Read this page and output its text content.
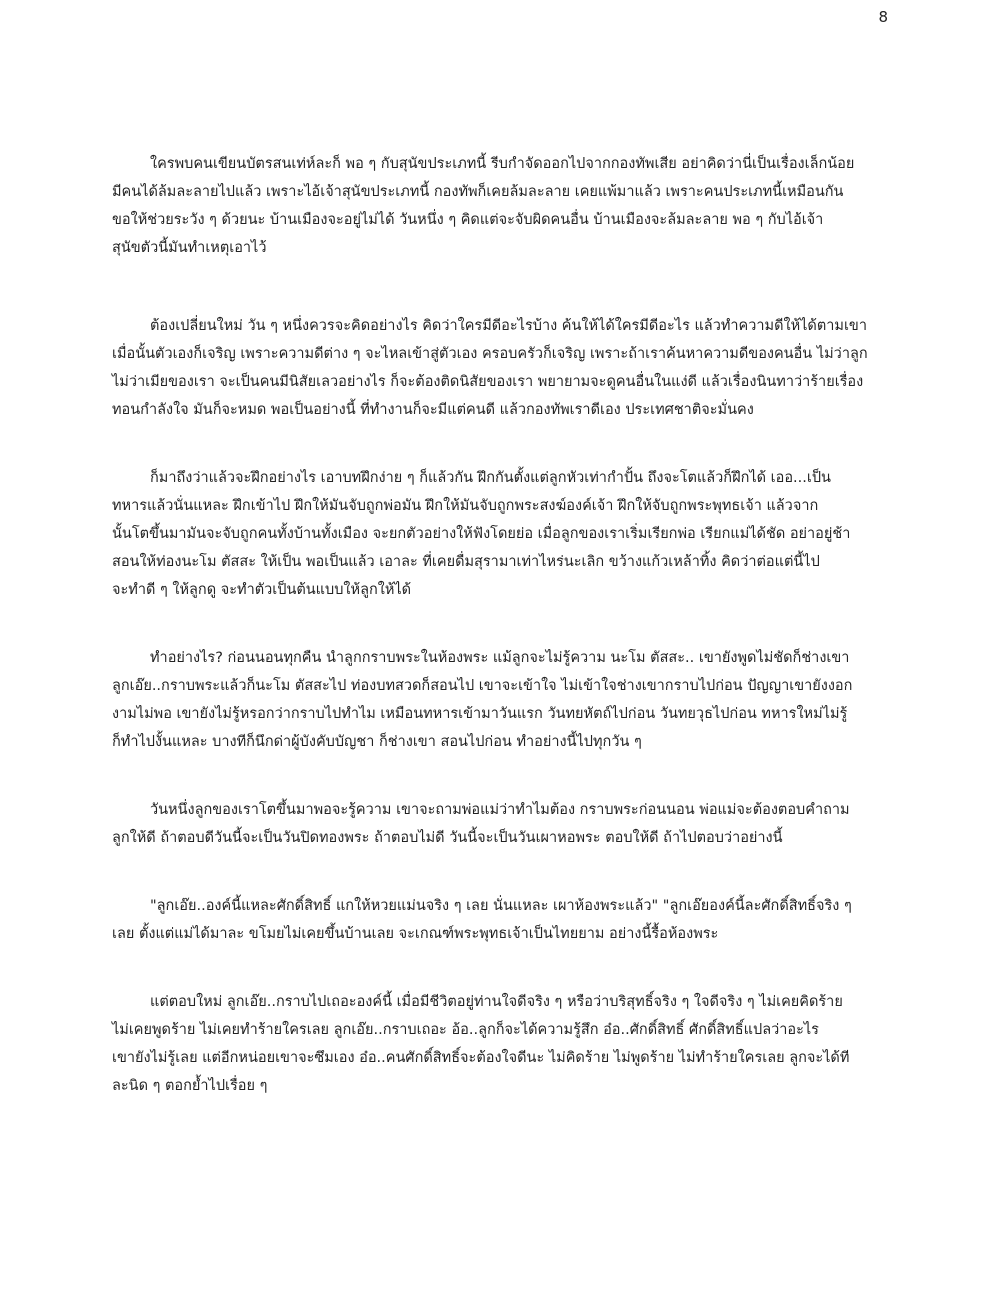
8
ใครพบคนเขียนบัตรสนเท่ห์ละก็ พอ ๆ กับสุนัขประเภทนี้ รีบกำจัดออกไปจากกองทัพเสีย อย่าคิดว่านี่เป็นเรื่องเล็กน้อย
มีคนได้ล้มละลายไปแล้ว เพราะไอ้เจ้าสุนัขประเภทนี้ กองทัพก็เคยล้มละลาย เคยแพ้มาแล้ว เพราะคนประเภทนี้เหมือนกัน
ขอให้ช่วยระวัง ๆ ด้วยนะ บ้านเมืองจะอยู่ไม่ได้ วันหนึ่ง ๆ คิดแต่จะจับผิดคนอื่น บ้านเมืองจะล้มละลาย พอ ๆ กับไอ้เจ้า
สุนัขตัวนี้มันทำเหตุเอาไว้
ต้องเปลี่ยนใหม่ วัน ๆ หนึ่งควรจะคิดอย่างไร คิดว่าใครมีดีอะไรบ้าง ค้นให้ได้ใครมีดีอะไร แล้วทำความดีให้ได้ตามเขา
เมื่อนั้นตัวเองก็เจริญ เพราะความดีต่าง ๆ จะไหลเข้าสู่ตัวเอง ครอบครัวก็เจริญ เพราะถ้าเราค้นหาความดีของคนอื่น ไม่ว่าลูก
ไม่ว่าเมียของเรา จะเป็นคนมีนิสัยเลวอย่างไร ก็จะต้องติดนิสัยของเรา พยายามจะดูคนอื่นในแง่ดี แล้วเรื่องนินทาว่าร้ายเรื่อง
ทอนกำลังใจ มันก็จะหมด พอเป็นอย่างนี้ ที่ทำงานก็จะมีแต่คนดี แล้วกองทัพเราดีเอง ประเทศชาติจะมั่นคง
ก็มาถึงว่าแล้วจะฝึกอย่างไร เอาบทฝึกง่าย ๆ ก็แล้วกัน ฝึกกันตั้งแต่ลูกหัวเท่ากำปั้น ถึงจะโตแล้วก็ฝึกได้ เออ...เป็น
ทหารแล้วนั่นแหละ ฝึกเข้าไป ฝึกให้มันจับถูกพ่อมัน ฝึกให้มันจับถูกพระสงฆ์องค์เจ้า ฝึกให้จับถูกพระพุทธเจ้า แล้วจาก
นั้นโตขึ้นมามันจะจับถูกคนทั้งบ้านทั้งเมือง จะยกตัวอย่างให้ฟังโดยย่อ เมื่อลูกของเราเริ่มเรียกพ่อ เรียกแม่ได้ชัด อย่าอยู่ช้า
สอนให้ท่องนะโม ตัสสะ ให้เป็น พอเป็นแล้ว เอาละ ที่เคยดื่มสุรามาเท่าไหร่นะเลิก ขว้างแก้วเหล้าทิ้ง คิดว่าต่อแต่นี้ไป
จะทำดี ๆ ให้ลูกดู จะทำตัวเป็นต้นแบบให้ลูกให้ได้
ทำอย่างไร? ก่อนนอนทุกคืน นำลูกกราบพระในห้องพระ แม้ลูกจะไม่รู้ความ นะโม ตัสสะ.. เขายังพูดไม่ชัดก็ช่างเขา
ลูกเอ๊ย..กราบพระแล้วก็นะโม ตัสสะไป ท่องบทสวดก็สอนไป เขาจะเข้าใจ ไม่เข้าใจช่างเขากราบไปก่อน ปัญญาเขายังงอก
งามไม่พอ เขายังไม่รู้หรอกว่ากราบไปทำไม เหมือนทหารเข้ามาวันแรก วันทยหัตถ์ไปก่อน วันทยวุธไปก่อน ทหารใหม่ไม่รู้
ก็ทำไปงั้นแหละ บางทีก็นึกด่าผู้บังคับบัญชา ก็ช่างเขา สอนไปก่อน ทำอย่างนี้ไปทุกวัน ๆ
วันหนึ่งลูกของเราโตขึ้นมาพอจะรู้ความ เขาจะถามพ่อแม่ว่าทำไมต้อง กราบพระก่อนนอน พ่อแม่จะต้องตอบคำถาม
ลูกให้ดี ถ้าตอบดีวันนี้จะเป็นวันปิดทองพระ ถ้าตอบไม่ดี วันนี้จะเป็นวันเผาหอพระ ตอบให้ดี ถ้าไปตอบว่าอย่างนี้
"ลูกเอ๊ย..องค์นี้แหละศักดิ์สิทธิ์ แกให้หวยแม่นจริง ๆ เลย นั่นแหละ เผาห้องพระแล้ว" "ลูกเอ๊ยองค์นี้ละศักดิ์สิทธิ์จริง ๆ
เลย ตั้งแต่แม่ได้มาละ ขโมยไม่เคยขึ้นบ้านเลย จะเกณฑ์พระพุทธเจ้าเป็นไทยยาม อย่างนี้รื้อห้องพระ
แต่ตอบใหม่ ลูกเอ๊ย..กราบไปเถอะองค์นี้ เมื่อมีชีวิตอยู่ท่านใจดีจริง ๆ หรือว่าบริสุทธิ์จริง ๆ ใจดีจริง ๆ ไม่เคยคิดร้าย
ไม่เคยพูดร้าย ไม่เคยทำร้ายใครเลย ลูกเอ๊ย..กราบเถอะ อ้อ..ลูกก็จะได้ความรู้สึก อ๋อ..ศักดิ์สิทธิ์ ศักดิ์สิทธิ์แปลว่าอะไร
เขายังไม่รู้เลย แต่อีกหน่อยเขาจะซึมเอง อ๋อ..คนศักดิ์สิทธิ์จะต้องใจดีนะ ไม่คิดร้าย ไม่พูดร้าย ไม่ทำร้ายใครเลย ลูกจะได้ที
ละนิด ๆ ตอกย้ำไปเรื่อย ๆ
